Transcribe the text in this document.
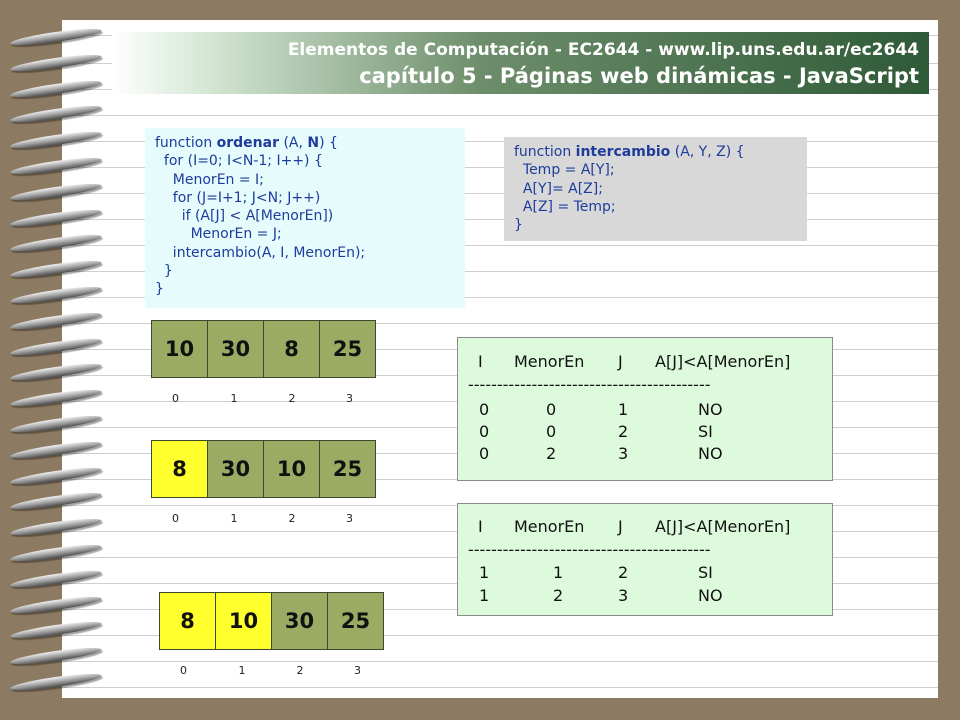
Elementos de Computación - EC2644 - www.lip.uns.edu.ar/ec2644
capítulo 5 - Páginas web dinámicas - JavaScript
function ordenar (A, N) {
for (I=0; I<N-1; I++) {
MenorEn = I;
for (J=I+1; J<N; J++)
if (A[J] < A[MenorEn])
MenorEn = J;
intercambio(A, I, MenorEn);
}
}
function intercambio (A, Y, Z) {
Temp = A[Y];
A[Y]= A[Z];
A[Z] = Temp;
}
10	30	8	25
0	1	2	3
8	30	10	25
0	1	2	3
8	10	30	25
0	1	2	3
I MenorEn J A[J]<A[MenorEn]
------------------------------------------
0	0	1	NO
0	0	2	SI
0	2	3	NO
I MenorEn J A[J]<A[MenorEn]
------------------------------------------
1	1	2	SI
1	2	3	NO
